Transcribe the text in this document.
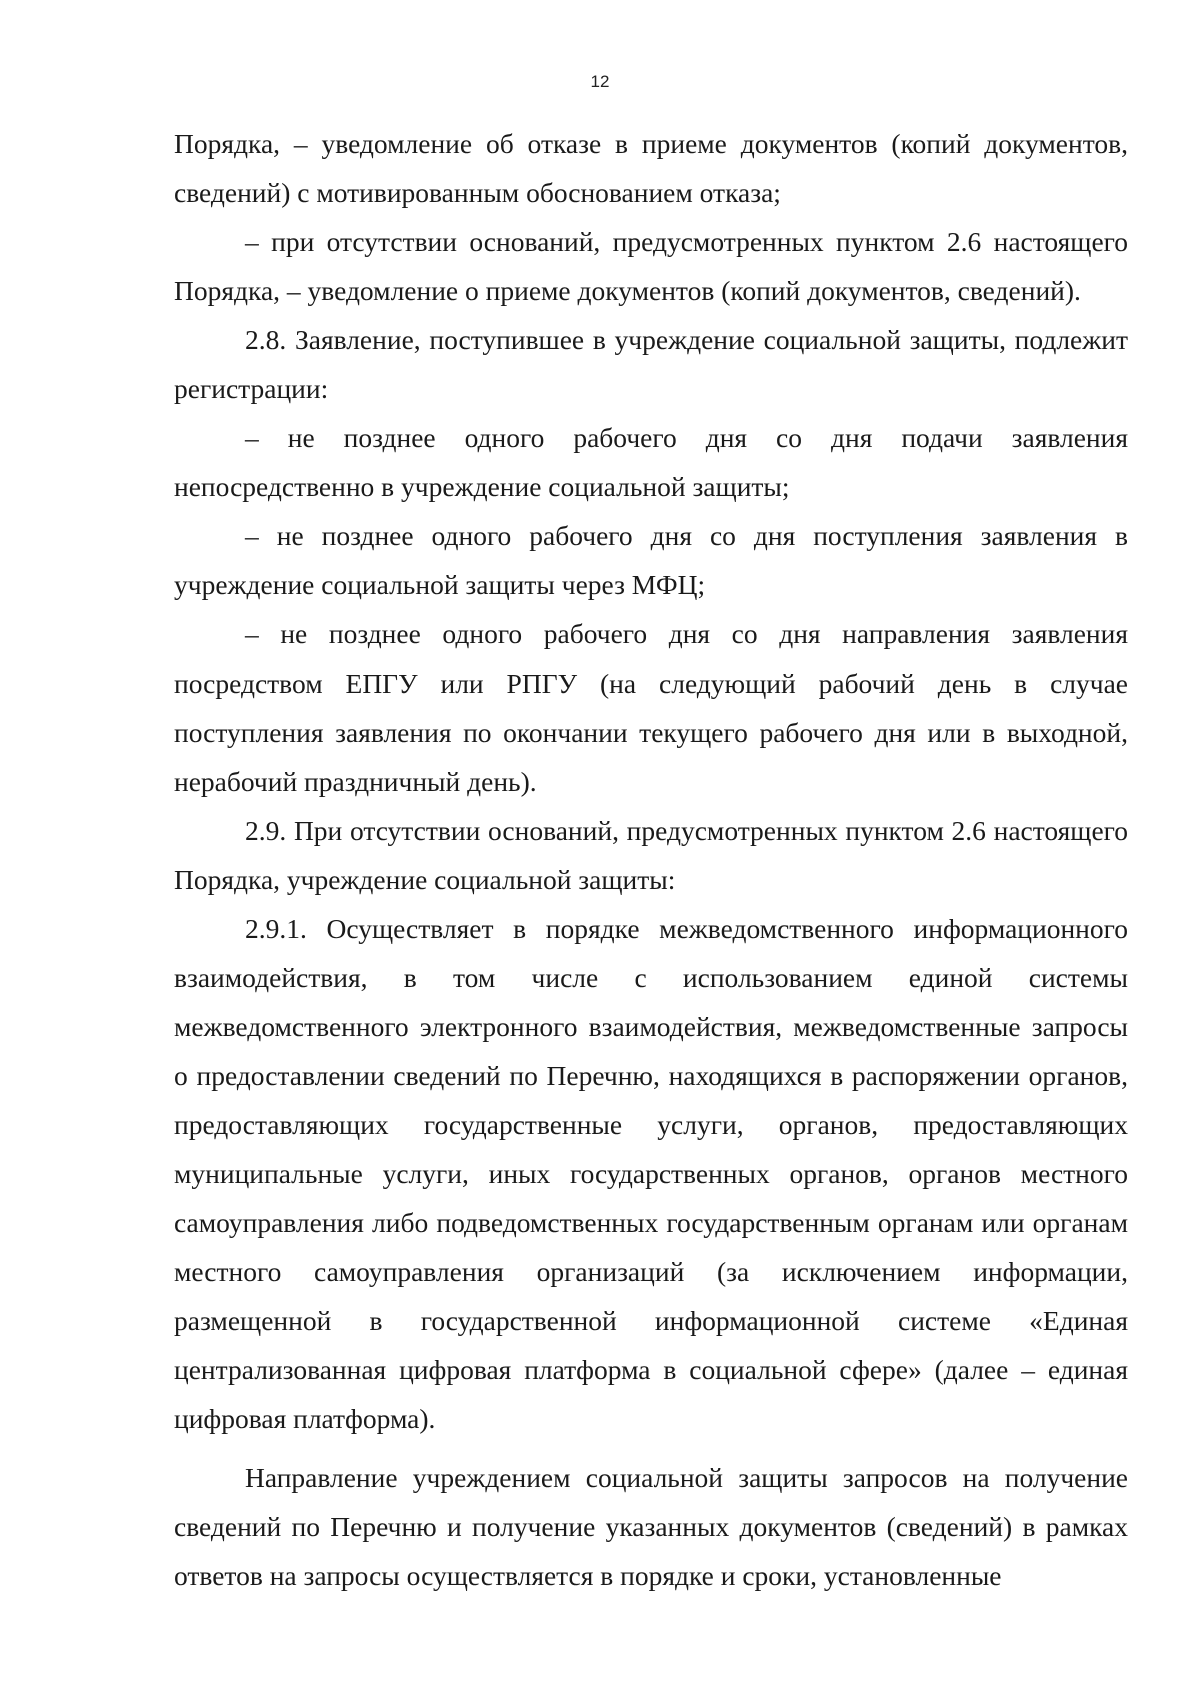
12

Порядка, – уведомление об отказе в приеме документов (копий документов, сведений) с мотивированным обоснованием отказа;

– при отсутствии оснований, предусмотренных пунктом 2.6 настоящего Порядка, – уведомление о приеме документов (копий документов, сведений).

2.8. Заявление, поступившее в учреждение социальной защиты, подлежит регистрации:

– не позднее одного рабочего дня со дня подачи заявления непосредственно в учреждение социальной защиты;

– не позднее одного рабочего дня со дня поступления заявления в учреждение социальной защиты через МФЦ;

– не позднее одного рабочего дня со дня направления заявления посредством ЕПГУ или РПГУ (на следующий рабочий день в случае поступления заявления по окончании текущего рабочего дня или в выходной, нерабочий праздничный день).

2.9. При отсутствии оснований, предусмотренных пунктом 2.6 настоящего Порядка, учреждение социальной защиты:

2.9.1. Осуществляет в порядке межведомственного информационного взаимодействия, в том числе с использованием единой системы межведомственного электронного взаимодействия, межведомственные запросы о предоставлении сведений по Перечню, находящихся в распоряжении органов, предоставляющих государственные услуги, органов, предоставляющих муниципальные услуги, иных государственных органов, органов местного самоуправления либо подведомственных государственным органам или органам местного самоуправления организаций (за исключением информации, размещенной в государственной информационной системе «Единая централизованная цифровая платформа в социальной сфере» (далее – единая цифровая платформа).

Направление учреждением социальной защиты запросов на получение сведений по Перечню и получение указанных документов (сведений) в рамках ответов на запросы осуществляется в порядке и сроки, установленные
